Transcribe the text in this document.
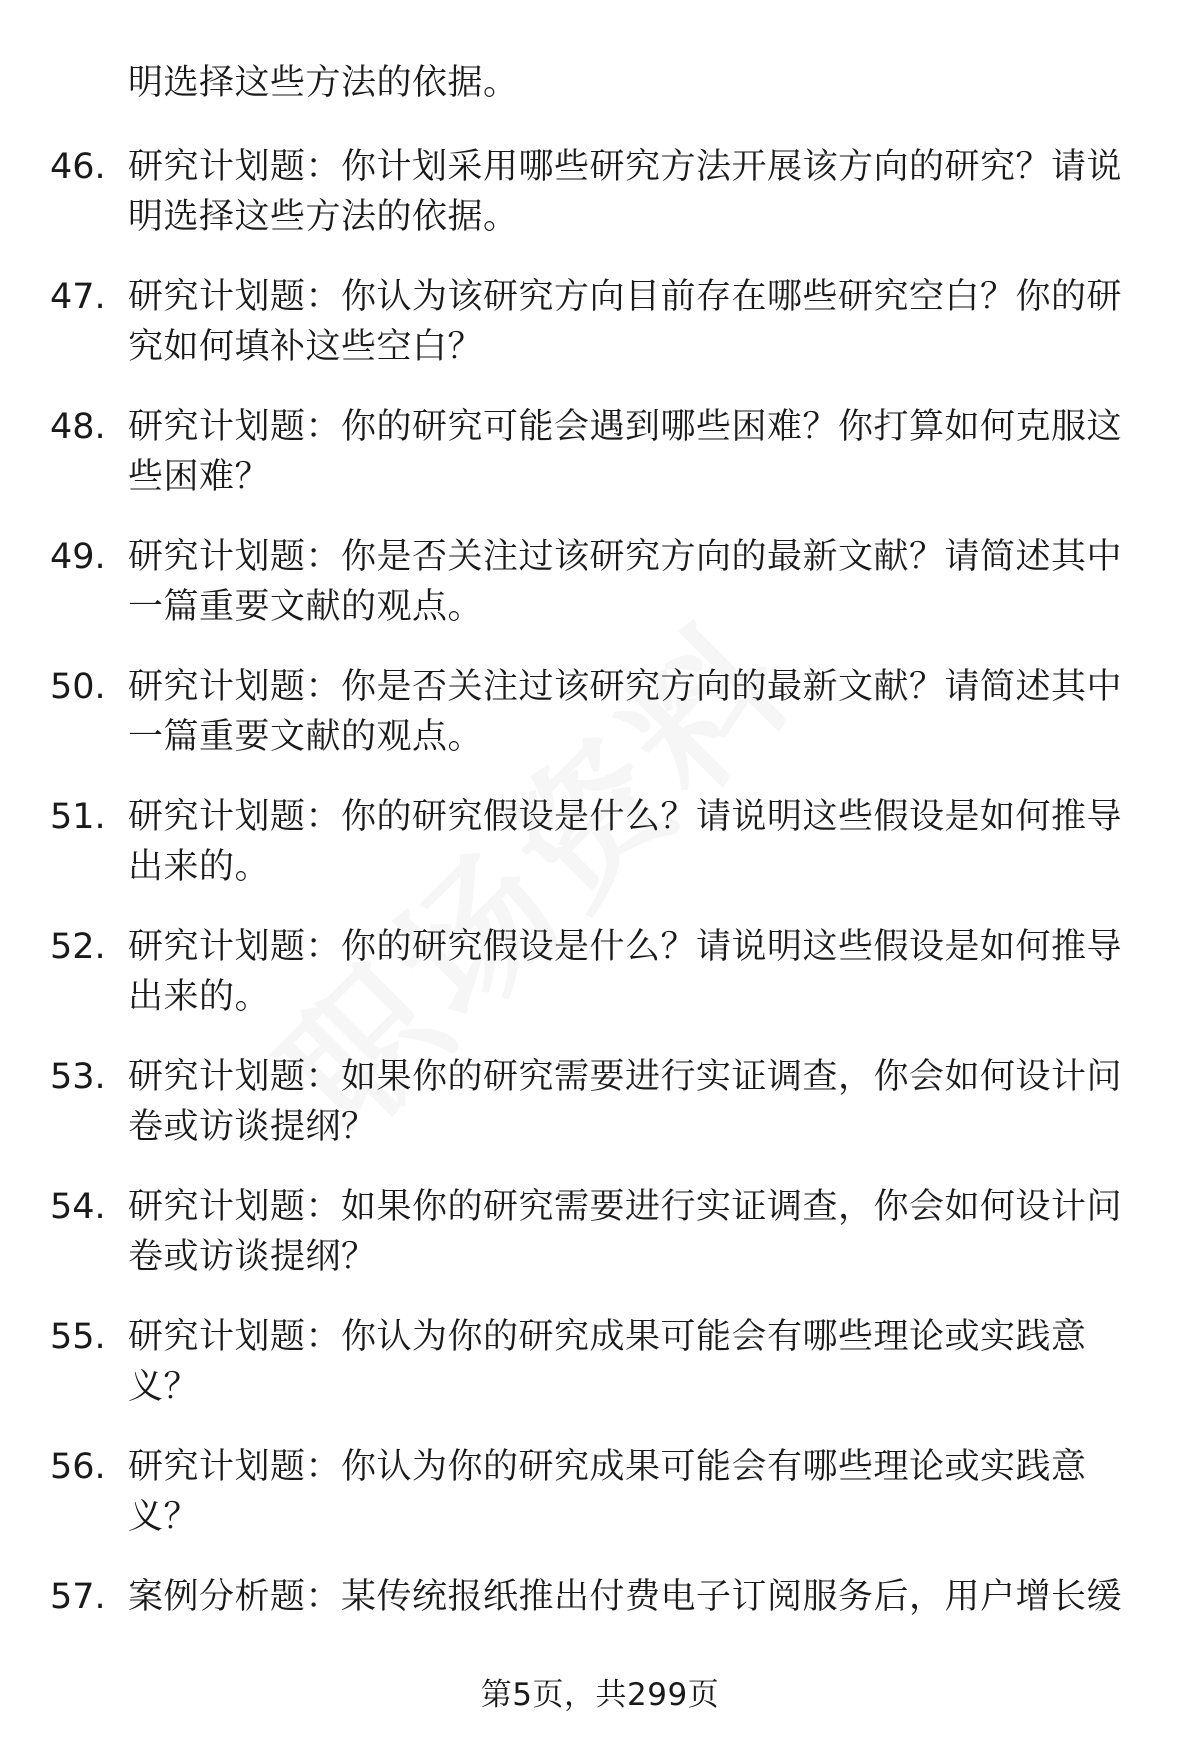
明选择这些方法的依据。
46. 研究计划题：你计划采用哪些研究方法开展该方向的研究？请说明选择这些方法的依据。
47. 研究计划题：你认为该研究方向目前存在哪些研究空白？你的研究如何填补这些空白？
48. 研究计划题：你的研究可能会遇到哪些困难？你打算如何克服这些困难？
49. 研究计划题：你是否关注过该研究方向的最新文献？请简述其中一篇重要文献的观点。
50. 研究计划题：你是否关注过该研究方向的最新文献？请简述其中一篇重要文献的观点。
51. 研究计划题：你的研究假设是什么？请说明这些假设是如何推导出来的。
52. 研究计划题：你的研究假设是什么？请说明这些假设是如何推导出来的。
53. 研究计划题：如果你的研究需要进行实证调查，你会如何设计问卷或访谈提纲？
54. 研究计划题：如果你的研究需要进行实证调查，你会如何设计问卷或访谈提纲？
55. 研究计划题：你认为你的研究成果可能会有哪些理论或实践意义？
56. 研究计划题：你认为你的研究成果可能会有哪些理论或实践意义？
57. 案例分析题：某传统报纸推出付费电子订阅服务后，用户增长缓
第5页，共299页
